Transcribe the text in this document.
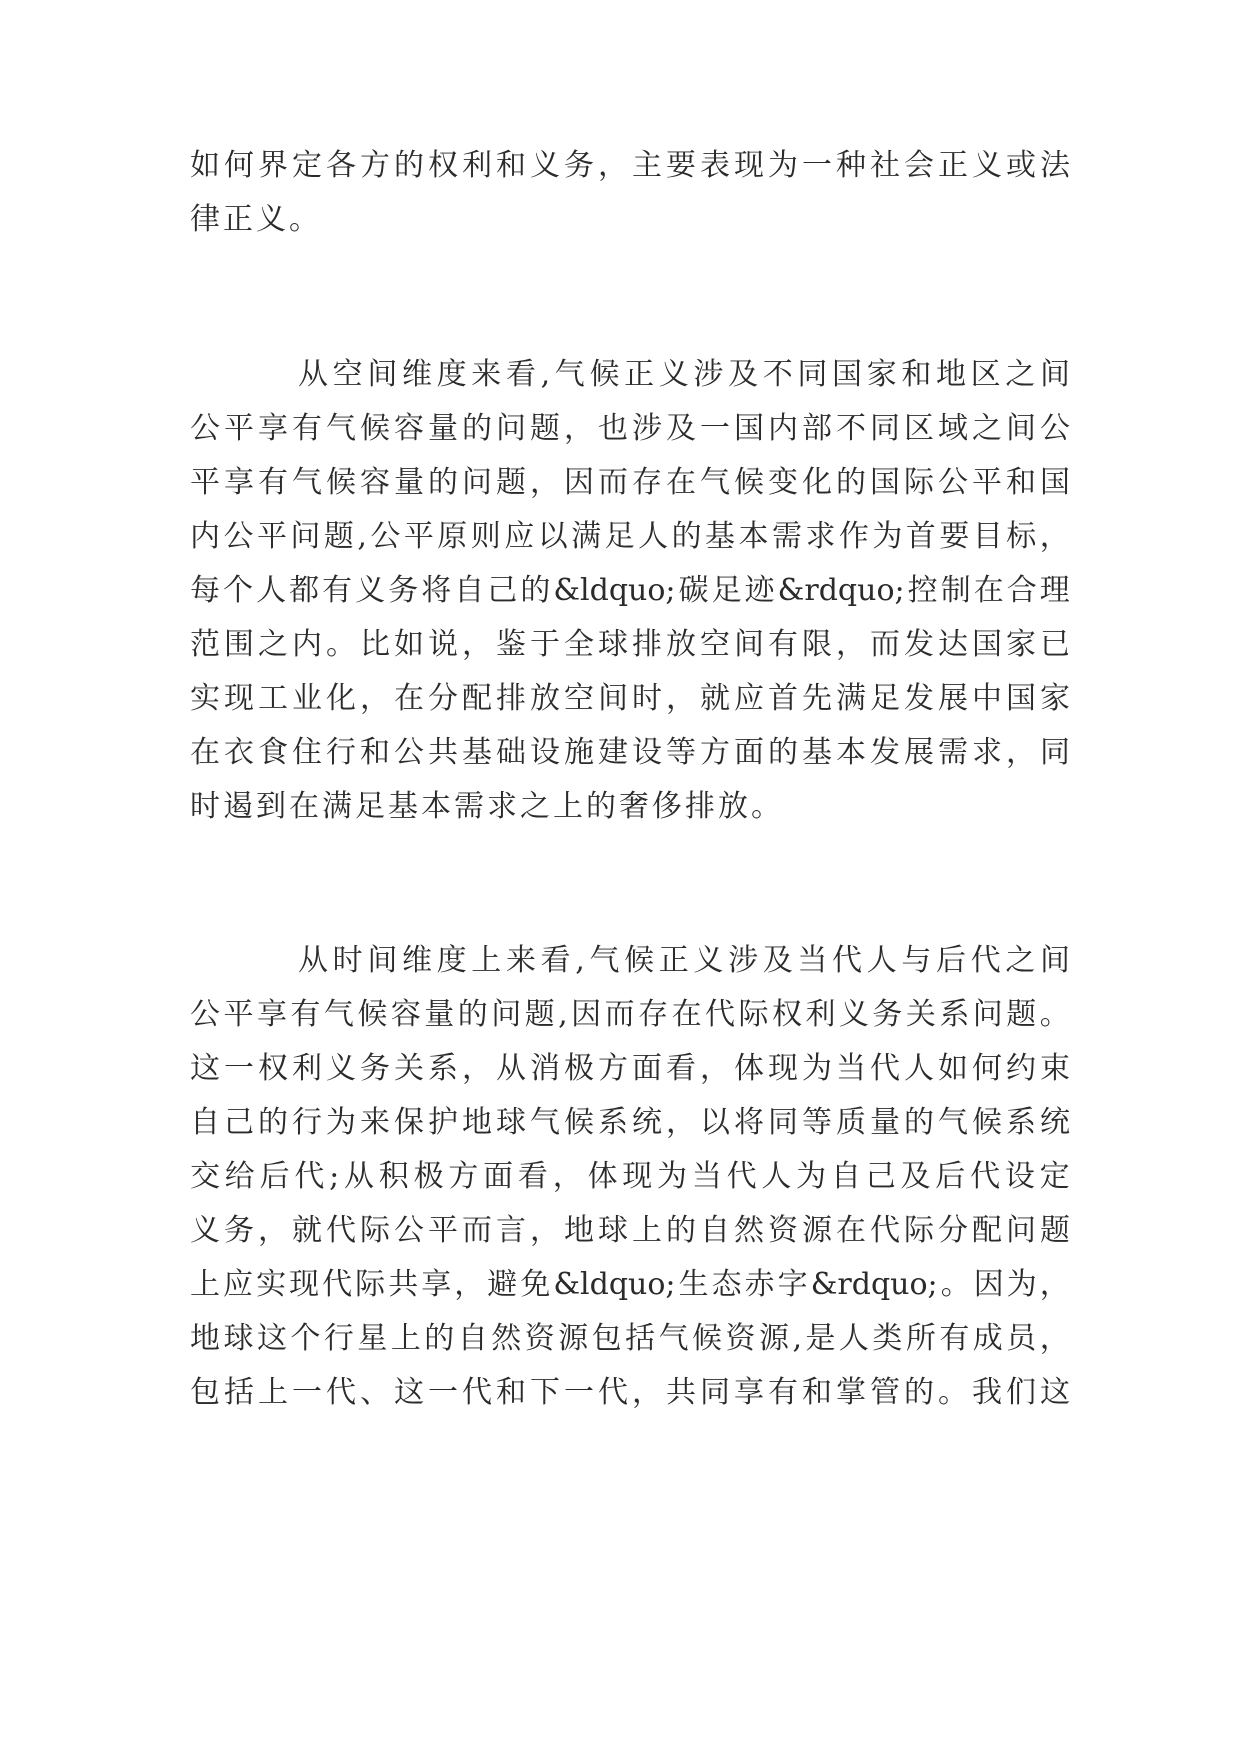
如 何 界 定 各 方 的 权 利 和 义 务 ， 主 要 表 现 为 一 种 社 会 正 义 或 法
律 正 义 。
从 空 间 维 度 来 看 , 气 候 正 义 涉 及 不 同 国 家 和 地 区 之 间
公 平 享 有 气 候 容 量 的 问 题 ， 也 涉 及 一 国 内 部 不 同 区 域 之 间 公
平 享 有 气 候 容 量 的 问 题 ， 因 而 存 在 气 候 变 化 的 国 际 公 平 和 国
内 公 平 问 题 , 公 平 原 则 应 以 满 足 人 的 基 本 需 求 作 为 首 要 目 标 ，
每 个 人 都 有 义 务 将 自 己 的 &ldquo; 碳 足 迹 &rdquo; 控 制 在 合 理
范 围 之 内 。 比 如 说 ， 鉴 于 全 球 排 放 空 间 有 限 ， 而 发 达 国 家 已
实 现 工 业 化 ， 在 分 配 排 放 空 间 时 ， 就 应 首 先 满 足 发 展 中 国 家
在 衣 食 住 行 和 公 共 基 础 设 施 建 设 等 方 面 的 基 本 发 展 需 求 ， 同
时 遏 到 在 满 足 基 本 需 求 之 上 的 奢 侈 排 放 。
从 时 间 维 度 上 来 看 , 气 候 正 义 涉 及 当 代 人 与 后 代 之 间
公 平 享 有 气 候 容 量 的 问 题 , 因 而 存 在 代 际 权 利 义 务 关 系 问 题 。
这 一 权 利 义 务 关 系 ， 从 消 极 方 面 看 ， 体 现 为 当 代 人 如 何 约 束
自 己 的 行 为 来 保 护 地 球 气 候 系 统 ， 以 将 同 等 质 量 的 气 候 系 统
交 给 后 代 ; 从 积 极 方 面 看 ， 体 现 为 当 代 人 为 自 己 及 后 代 设 定
义 务 ， 就 代 际 公 平 而 言 ， 地 球 上 的 自 然 资 源 在 代 际 分 配 问 题
上 应 实 现 代 际 共 享 ， 避 免 &ldquo; 生 态 赤 字 &rdquo; 。 因 为 ，
地 球 这 个 行 星 上 的 自 然 资 源 包 括 气 候 资 源 , 是 人 类 所 有 成 员 ，
包 括 上 一 代 、 这 一 代 和 下 一 代 ， 共 同 享 有 和 掌 管 的 。 我 们 这
